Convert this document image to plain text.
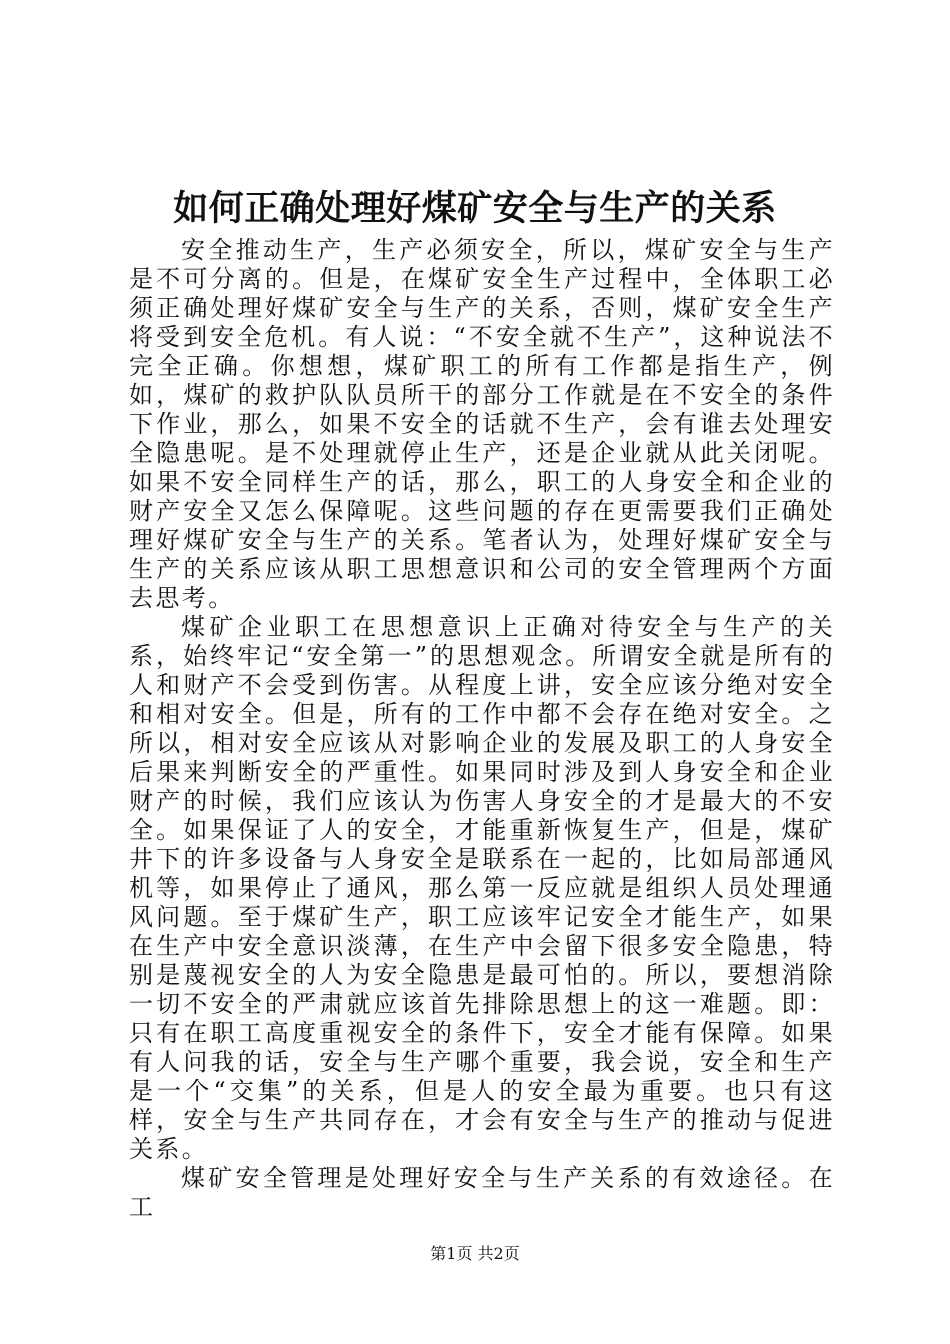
如何正确处理好煤矿安全与生产的关系

安全推动生产，生产必须安全，所以，煤矿安全与生产是不可分离的。但是，在煤矿安全生产过程中，全体职工必须正确处理好煤矿安全与生产的关系，否则，煤矿安全生产将受到安全危机。有人说：“不安全就不生产”，这种说法不完全正确。你想想，煤矿职工的所有工作都是指生产，例如，煤矿的救护队队员所干的部分工作就是在不安全的条件下作业，那么，如果不安全的话就不生产，会有谁去处理安全隐患呢。是不处理就停止生产，还是企业就从此关闭呢。如果不安全同样生产的话，那么，职工的人身安全和企业的财产安全又怎么保障呢。这些问题的存在更需要我们正确处理好煤矿安全与生产的关系。笔者认为，处理好煤矿安全与生产的关系应该从职工思想意识和公司的安全管理两个方面去思考。

煤矿企业职工在思想意识上正确对待安全与生产的关系，始终牢记“安全第一”的思想观念。所谓安全就是所有的人和财产不会受到伤害。从程度上讲，安全应该分绝对安全和相对安全。但是，所有的工作中都不会存在绝对安全。之所以，相对安全应该从对影响企业的发展及职工的人身安全后果来判断安全的严重性。如果同时涉及到人身安全和企业财产的时候，我们应该认为伤害人身安全的才是最大的不安全。如果保证了人的安全，才能重新恢复生产，但是，煤矿井下的许多设备与人身安全是联系在一起的，比如局部通风机等，如果停止了通风，那么第一反应就是组织人员处理通风问题。至于煤矿生产，职工应该牢记安全才能生产，如果在生产中安全意识淡薄，在生产中会留下很多安全隐患，特别是蔑视安全的人为安全隐患是最可怕的。所以，要想消除一切不安全的严肃就应该首先排除思想上的这一难题。即：只有在职工高度重视安全的条件下，安全才能有保障。如果有人问我的话，安全与生产哪个重要，我会说，安全和生产是一个“交集”的关系，但是人的安全最为重要。也只有这样，安全与生产共同存在，才会有安全与生产的推动与促进关系。

煤矿安全管理是处理好安全与生产关系的有效途径。在工

第1页 共2页
